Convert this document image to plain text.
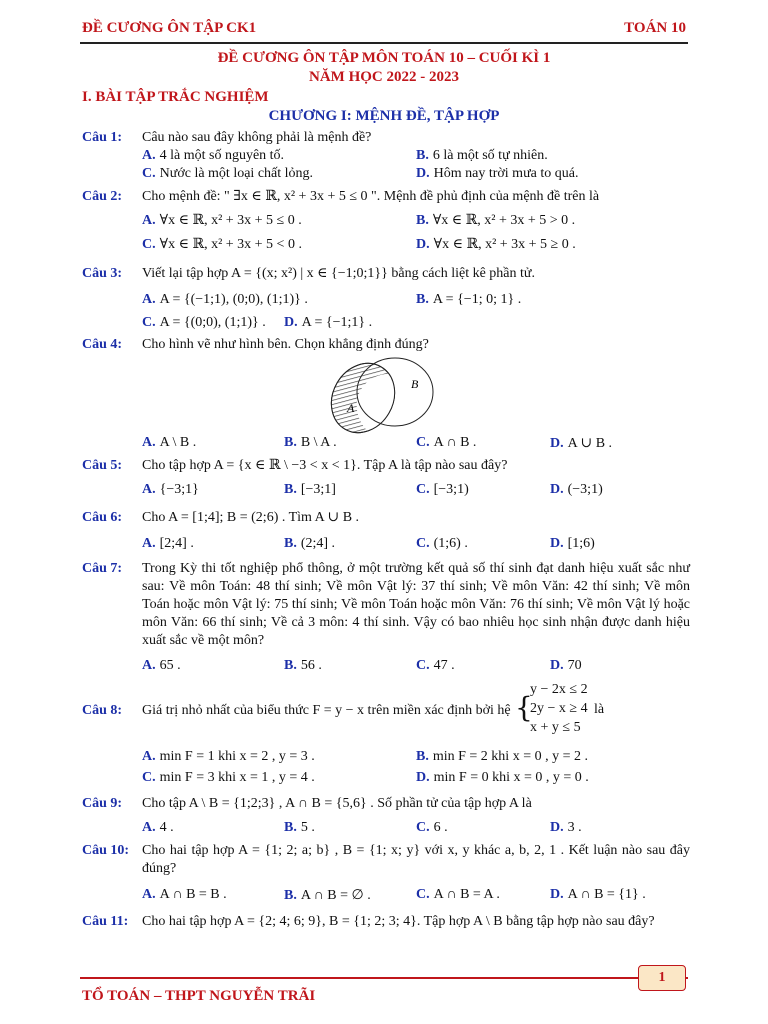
ĐỀ CƯƠNG ÔN TẬP CK1	TOÁN 10
ĐỀ CƯƠNG ÔN TẬP MÔN TOÁN 10 – CUỐI KÌ 1
NĂM HỌC 2022 - 2023
I. BÀI TẬP TRẮC NGHIỆM
CHƯƠNG I: MỆNH ĐỀ, TẬP HỢP
Câu 1: Câu nào sau đây không phải là mệnh đề?
A. 4 là một số nguyên tố.	B. 6 là một số tự nhiên.
C. Nước là một loại chất lỏng.	D. Hôm nay trời mưa to quá.
Câu 2: Cho mệnh đề: " ∃x ∈ ℝ, x² + 3x + 5 ≤ 0 ". Mệnh đề phủ định của mệnh đề trên là
A. ∀x ∈ ℝ, x² + 3x + 5 ≤ 0 .	B. ∀x ∈ ℝ, x² + 3x + 5 > 0 .
C. ∀x ∈ ℝ, x² + 3x + 5 < 0 .	D. ∀x ∈ ℝ, x² + 3x + 5 ≥ 0 .
Câu 3: Viết lại tập hợp A = {(x; x²) | x ∈ {−1;0;1}} bằng cách liệt kê phần tử.
A. A = {(−1;1), (0;0), (1;1)} .	B. A = {−1; 0; 1} .
C. A = {(0;0), (1;1)} . D. A = {−1;1} .
Câu 4: Cho hình vẽ như hình bên. Chọn khẳng định đúng?
A
B
A. A \ B .	B. B \ A .	C. A ∩ B .	D. A ∪ B .
Câu 5: Cho tập hợp A = {x ∈ ℝ \ −3 < x < 1}. Tập A là tập nào sau đây?
A. {−3;1}	B. [−3;1]	C. [−3;1)	D. (−3;1)
Câu 6: Cho A = [1;4]; B = (2;6) . Tìm A ∪ B .
A. [2;4] .	B. (2;4] .	C. (1;6) .	D. [1;6)
Câu 7: Trong Kỳ thi tốt nghiệp phổ thông, ở một trường kết quả số thí sinh đạt danh hiệu xuất sắc như sau: Về môn Toán: 48 thí sinh; Về môn Vật lý: 37 thí sinh; Về môn Văn: 42 thí sinh; Về môn Toán hoặc môn Vật lý: 75 thí sinh; Về môn Toán hoặc môn Văn: 76 thí sinh; Về môn Vật lý hoặc môn Văn: 66 thí sinh; Về cả 3 môn: 4 thí sinh. Vậy có bao nhiêu học sinh nhận được danh hiệu xuất sắc về một môn?
A. 65 .	B. 56 .	C. 47 .	D. 70
Câu 8: Giá trị nhỏ nhất của biểu thức F = y − x trên miền xác định bởi hệ {
y − 2x ≤ 2
2y − x ≥ 4
x + y ≤ 5
là
A. min F = 1 khi x = 2 , y = 3 .	B. min F = 2 khi x = 0 , y = 2 .
C. min F = 3 khi x = 1 , y = 4 .	D. min F = 0 khi x = 0 , y = 0 .
Câu 9: Cho tập A \ B = {1;2;3} , A ∩ B = {5,6} . Số phần tử của tập hợp A là
A. 4 .	B. 5 .	C. 6 .	D. 3 .
Câu 10: Cho hai tập hợp A = {1; 2; a; b} , B = {1; x; y} với x, y khác a, b, 2, 1 . Kết luận nào sau đây đúng?
A. A ∩ B = B .	B. A ∩ B = ∅ .	C. A ∩ B = A .	D. A ∩ B = {1} .
Câu 11: Cho hai tập hợp A = {2; 4; 6; 9}, B = {1; 2; 3; 4}. Tập hợp A \ B bằng tập hợp nào sau đây?
1
TỔ TOÁN – THPT NGUYỄN TRÃI
